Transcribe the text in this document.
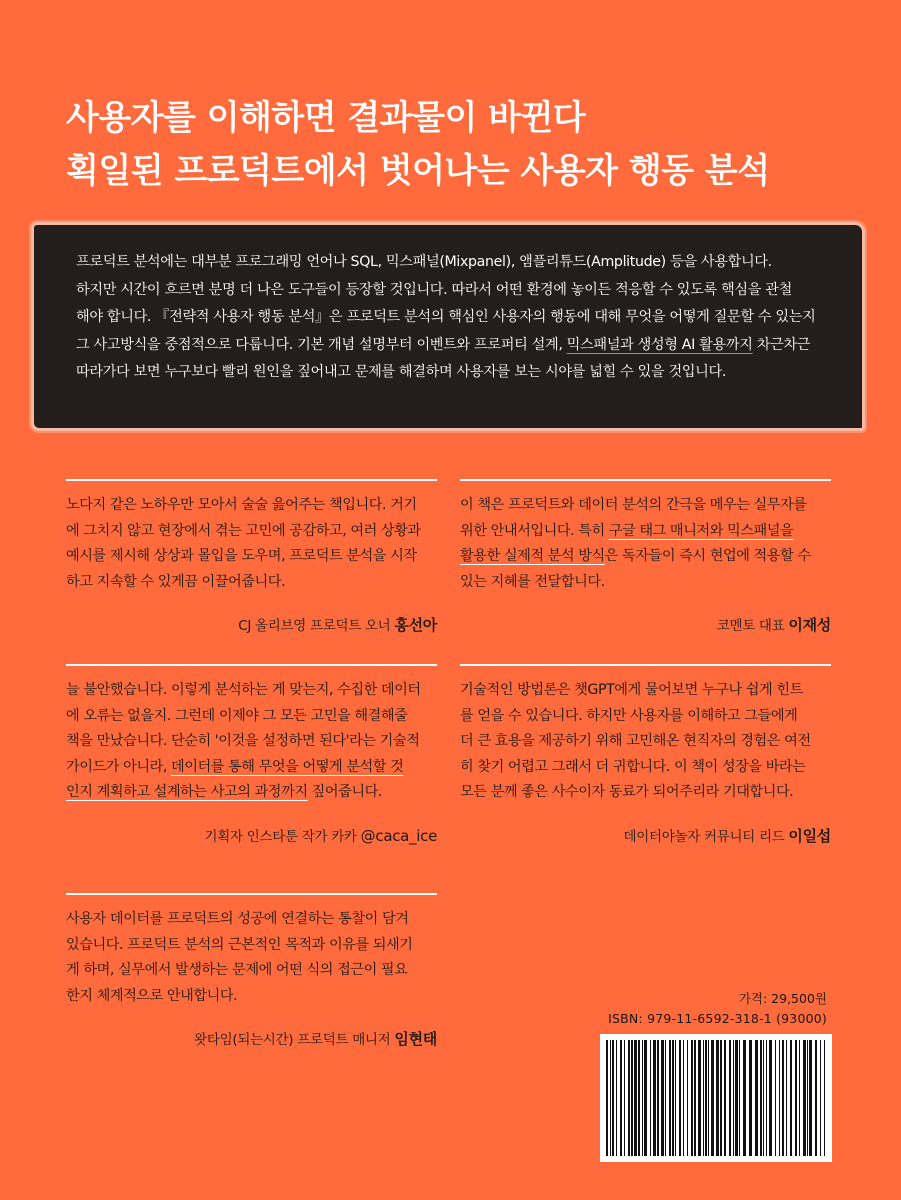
사용자를 이해하면 결과물이 바뀐다
획일된 프로덕트에서 벗어나는 사용자 행동 분석

프로덕트 분석에는 대부분 프로그래밍 언어나 SQL, 믹스패널(Mixpanel), 앰플리튜드(Amplitude) 등을 사용합니다.

하지만 시간이 흐르면 분명 더 나은 도구들이 등장할 것입니다. 따라서 어떤 환경에 놓이든 적응할 수 있도록 핵심을 관철

해야 합니다. 『전략적 사용자 행동 분석』은 프로덕트 분석의 핵심인 사용자의 행동에 대해 무엇을 어떻게 질문할 수 있는지

그 사고방식을 중점적으로 다룹니다. 기본 개념 설명부터 이벤트와 프로퍼티 설계, 믹스패널과 생성형 AI 활용까지 차근차근

따라가다 보면 누구보다 빨리 원인을 짚어내고 문제를 해결하며 사용자를 보는 시야를 넓힐 수 있을 것입니다.

노다지 같은 노하우만 모아서 술술 읊어주는 책입니다. 거기
에 그치지 않고 현장에서 겪는 고민에 공감하고, 여러 상황과
예시를 제시해 상상과 몰입을 도우며, 프로덕트 분석을 시작
하고 지속할 수 있게끔 이끌어줍니다.
CJ 올리브영 프로덕트 오너 홍선아
이 책은 프로덕트와 데이터 분석의 간극을 메우는 실무자를
위한 안내서입니다. 특히 구글 태그 매니저와 믹스패널을
활용한 실제적 분석 방식은 독자들이 즉시 현업에 적용할 수
있는 지혜를 전달합니다.
코멘토 대표 이재성
늘 불안했습니다. 이렇게 분석하는 게 맞는지, 수집한 데이터
에 오류는 없을지. 그런데 이제야 그 모든 고민을 해결해줄
책을 만났습니다. 단순히 '이것을 설정하면 된다'라는 기술적
가이드가 아니라, 데이터를 통해 무엇을 어떻게 분석할 것
인지 계획하고 설계하는 사고의 과정까지 짚어줍니다.
기획자 인스타툰 작가 카카 @caca_ice
기술적인 방법론은 챗GPT에게 물어보면 누구나 쉽게 힌트
를 얻을 수 있습니다. 하지만 사용자를 이해하고 그들에게
더 큰 효용을 제공하기 위해 고민해온 현직자의 경험은 여전
히 찾기 어렵고 그래서 더 귀합니다. 이 책이 성장을 바라는
모든 분께 좋은 사수이자 동료가 되어주리라 기대합니다.
데이터야놀자 커뮤니티 리드 이일섭
사용자 데이터를 프로덕트의 성공에 연결하는 통찰이 담겨
있습니다. 프로덕트 분석의 근본적인 목적과 이유를 되새기
게 하며, 실무에서 발생하는 문제에 어떤 식의 접근이 필요
한지 체계적으로 안내합니다.
왓타임(되는시간) 프로덕트 매니저 임현태
가격: 29,500원
ISBN: 979-11-6592-318-1 (93000)
